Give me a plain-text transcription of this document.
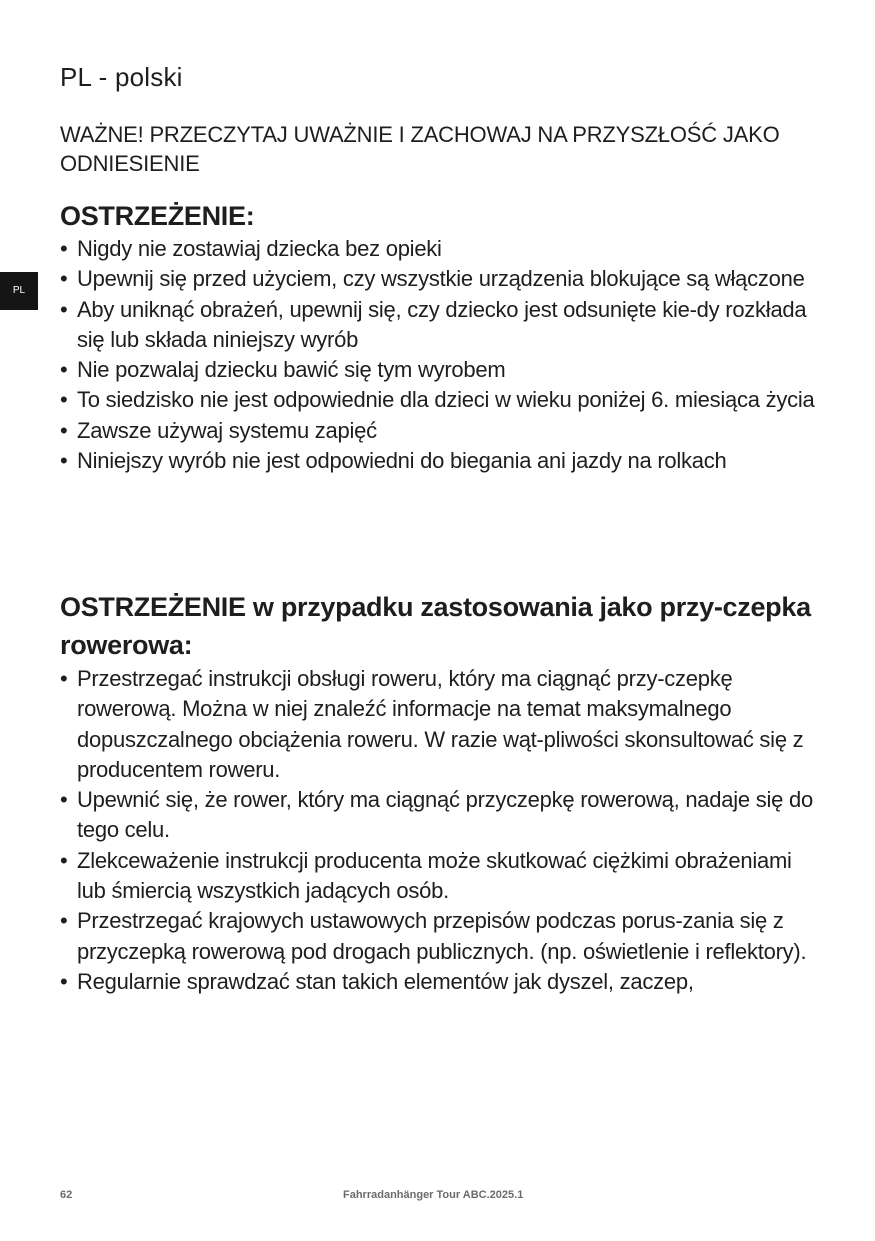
PL - polski
WAŻNE! PRZECZYTAJ UWAŻNIE I ZACHOWAJ NA PRZYSZŁOŚĆ JAKO ODNIESIENIE
PL
OSTRZEŻENIE:
• Nigdy nie zostawiaj dziecka bez opieki
• Upewnij się przed użyciem, czy wszystkie urządzenia blokujące są włączone
• Aby uniknąć obrażeń, upewnij się, czy dziecko jest odsunięte kie-dy rozkłada się lub składa niniejszy wyrób
• Nie pozwalaj dziecku bawić się tym wyrobem
• To siedzisko nie jest odpowiednie dla dzieci w wieku poniżej 6. miesiąca życia
• Zawsze używaj systemu zapięć
• Niniejszy wyrób nie jest odpowiedni do biegania ani jazdy na rolkach
OSTRZEŻENIE w przypadku zastosowania jako przy-czepka rowerowa:
• Przestrzegać instrukcji obsługi roweru, który ma ciągnąć przy-czepkę rowerową. Można w niej znaleźć informacje na temat maksymalnego dopuszczalnego obciążenia roweru. W razie wąt-pliwości skonsultować się z producentem roweru.
• Upewnić się, że rower, który ma ciągnąć przyczepkę rowerową, nadaje się do tego celu.
• Zlekceważenie instrukcji producenta może skutkować ciężkimi obrażeniami lub śmiercią wszystkich jadących osób.
• Przestrzegać krajowych ustawowych przepisów podczas porus-zania się z przyczepką rowerową pod drogach publicznych. (np. oświetlenie i reflektory).
• Regularnie sprawdzać stan takich elementów jak dyszel, zaczep,
62	Fahrradanhänger Tour ABC.2025.1
